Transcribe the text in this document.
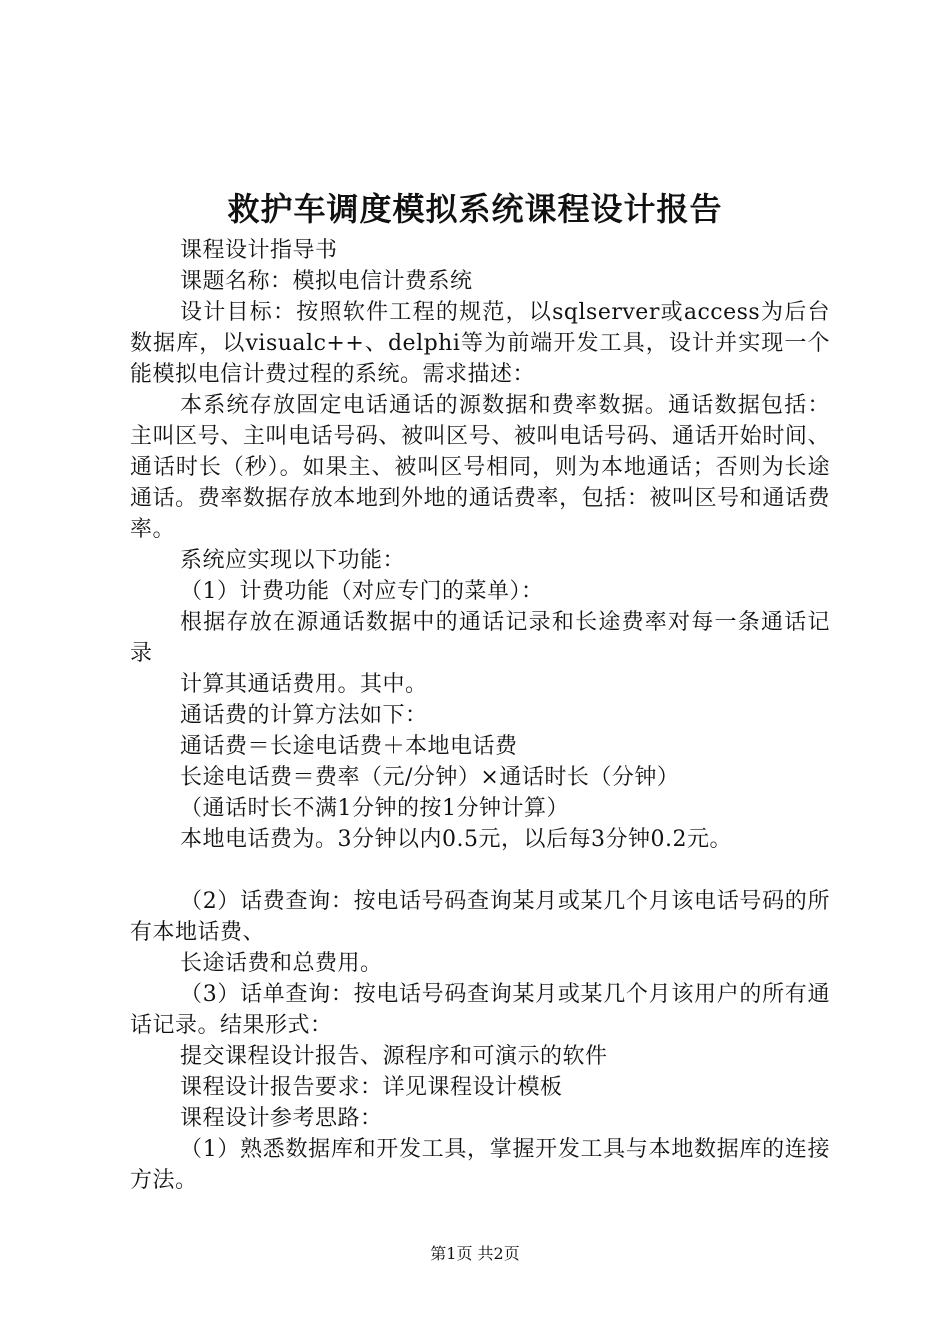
救护车调度模拟系统课程设计报告

课程设计指导书

课题名称：模拟电信计费系统

设计目标：按照软件工程的规范，以sqlserver或access为后台数据库，以visualc++、delphi等为前端开发工具，设计并实现一个能模拟电信计费过程的系统。需求描述：

本系统存放固定电话通话的源数据和费率数据。通话数据包括：主叫区号、主叫电话号码、被叫区号、被叫电话号码、通话开始时间、通话时长（秒）。如果主、被叫区号相同，则为本地通话；否则为长途通话。费率数据存放本地到外地的通话费率，包括：被叫区号和通话费率。

系统应实现以下功能：

（1）计费功能（对应专门的菜单）：

根据存放在源通话数据中的通话记录和长途费率对每一条通话记录

计算其通话费用。其中。

通话费的计算方法如下：

通话费＝长途电话费＋本地电话费

长途电话费＝费率（元/分钟）×通话时长（分钟）

（通话时长不满1分钟的按1分钟计算）

本地电话费为。3分钟以内0.5元，以后每3分钟0.2元。

（2）话费查询：按电话号码查询某月或某几个月该电话号码的所有本地话费、

长途话费和总费用。

（3）话单查询：按电话号码查询某月或某几个月该用户的所有通话记录。结果形式：

提交课程设计报告、源程序和可演示的软件

课程设计报告要求：详见课程设计模板

课程设计参考思路：

（1）熟悉数据库和开发工具，掌握开发工具与本地数据库的连接方法。

第1页 共2页
